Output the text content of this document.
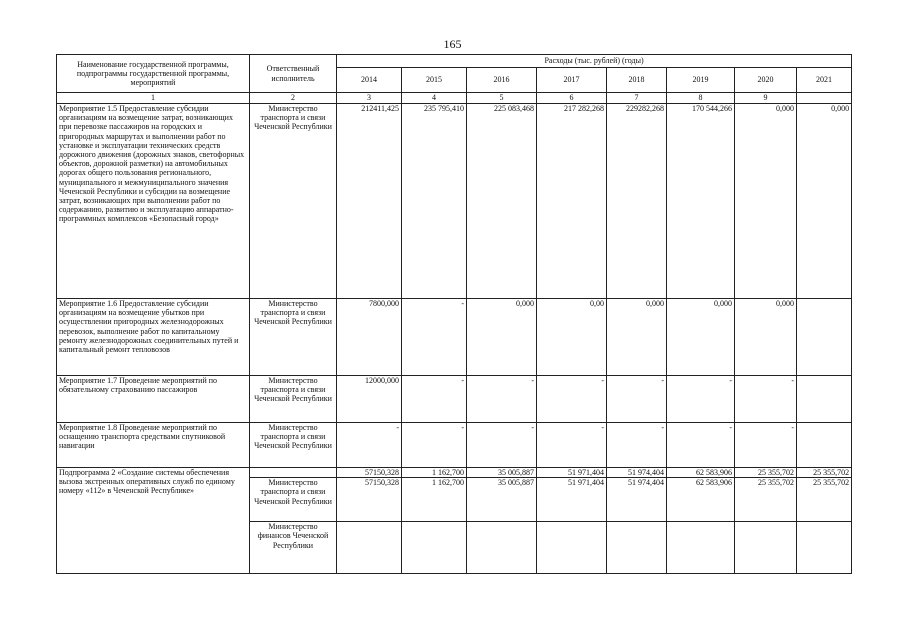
165
Наименование государственной программы, подпрограммы государственной программы, мероприятий	Ответственный исполнитель	Расходы (тыс. рублей) (годы)							
		2014	2015	2016	2017	2018	2019	2020	2021
1	2	3	4	5	6	7	8	9	
Мероприятие 1.5 Предоставление субсидии организациям на возмещение затрат, возникающих при перевозке пассажиров на городских и пригородных маршрутах и выполнении работ по установке и эксплуатации технических средств дорожного движения (дорожных знаков, светофорных объектов, дорожной разметки) на автомобильных дорогах общего пользования регионального, муниципального и межмуниципального значения Чеченской Республики и субсидии на возмещение затрат, возникающих при выполнении работ по содержанию, развитию и эксплуатацию аппаратно-программных комплексов «Безопасный город»	Министерство транспорта и связи Чеченской Республики	212411,425	235 795,410	225 083,468	217 282,268	229282,268	170 544,266	0,000	0,000
Мероприятие 1.6 Предоставление субсидии организациям на возмещение убытков при осуществлении пригородных железнодорожных перевозок, выполнение работ по капитальному ремонту железнодорожных соединительных путей и капитальный ремонт тепловозов	Министерство транспорта и связи Чеченской Республики	7800,000	-	0,000	0,00	0,000	0,000	0,000	
Мероприятие 1.7 Проведение мероприятий по обязательному страхованию пассажиров	Министерство транспорта и связи Чеченской Республики	12000,000	-	-	-	-	-	-	
Мероприятие 1.8 Проведение мероприятий по оснащению транспорта средствами спутниковой навигации	Министерство транспорта и связи Чеченской Республики	-	-	-	-	-	-	-	
Подпрограмма 2 «Создание системы обеспечения вызова экстренных оперативных служб по единому номеру «112» в Чеченской Республике»		57150,328	1 162,700	35 005,887	51 971,404	51 974,404	62 583,906	25 355,702	25 355,702
	Министерство транспорта и связи Чеченской Республики	57150,328	1 162,700	35 005,887	51 971,404	51 974,404	62 583,906	25 355,702	25 355,702
	Министерство финансов Чеченской Республики								
